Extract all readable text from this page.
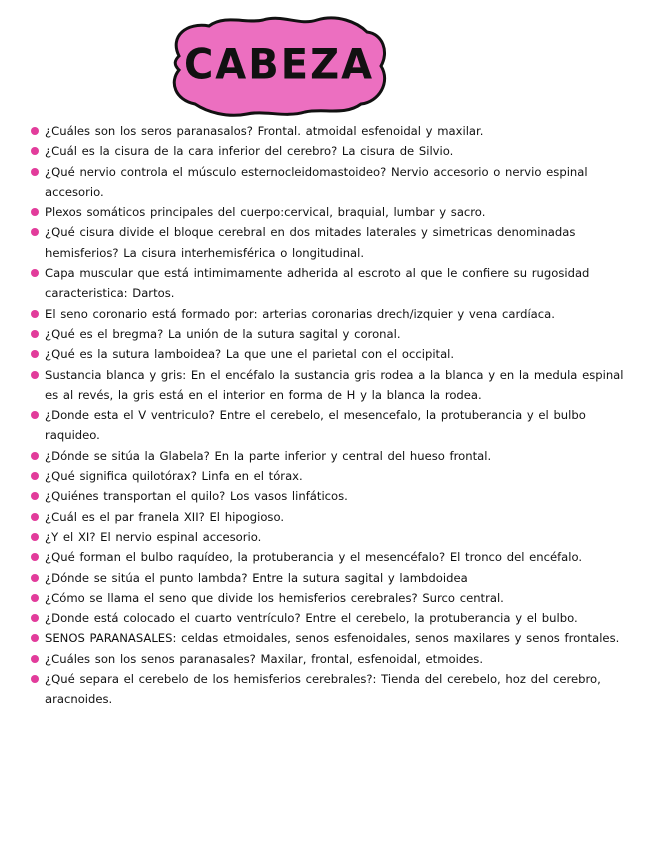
CABEZA
¿Cuáles son los seros paranasalos? Frontal. atmoidal esfenoidal y maxilar.
¿Cuál es la cisura de la cara inferior del cerebro? La cisura de Silvio.
¿Qué nervio controla el músculo esternocleidomastoideo? Nervio accesorio o nervio espinal accesorio.
Plexos somáticos principales del cuerpo:cervical, braquial, lumbar y sacro.
¿Qué cisura divide el bloque cerebral en dos mitades laterales y simetricas denominadas hemisferios? La cisura interhemisférica o longitudinal.
Capa muscular que está intimimamente adherida al escroto al que le confiere su rugosidad caracteristica: Dartos.
El seno coronario está formado por: arterias coronarias drech/izquier y vena cardíaca.
¿Qué es el bregma? La unión de la sutura sagital y coronal.
¿Qué es la sutura lamboidea? La que une el parietal con el occipital.
Sustancia blanca y gris: En el encéfalo la sustancia gris rodea a la blanca y en la medula espinal es al revés, la gris está en el interior en forma de H y la blanca la rodea.
¿Donde esta el V ventriculo? Entre el cerebelo, el mesencefalo, la protuberancia y el bulbo raquideo.
¿Dónde se sitúa la Glabela? En la parte inferior y central del hueso frontal.
¿Qué significa quilotórax? Linfa en el tórax.
¿Quiénes transportan el quilo? Los vasos linfáticos.
¿Cuál es el par franela XII? El hipogioso.
¿Y el XI? El nervio espinal accesorio.
¿Qué forman el bulbo raquídeo, la protuberancia y el mesencéfalo? El tronco del encéfalo.
¿Dónde se sitúa el punto lambda? Entre la sutura sagital y lambdoidea
¿Cómo se llama el seno que divide los hemisferios cerebrales? Surco central.
¿Donde está colocado el cuarto ventrículo? Entre el cerebelo, la protuberancia y el bulbo.
SENOS PARANASALES: celdas etmoidales, senos esfenoidales, senos maxilares y senos frontales.
¿Cuáles son los senos paranasales? Maxilar, frontal, esfenoidal, etmoides.
¿Qué separa el cerebelo de los hemisferios cerebrales?: Tienda del cerebelo, hoz del cerebro, aracnoides.
